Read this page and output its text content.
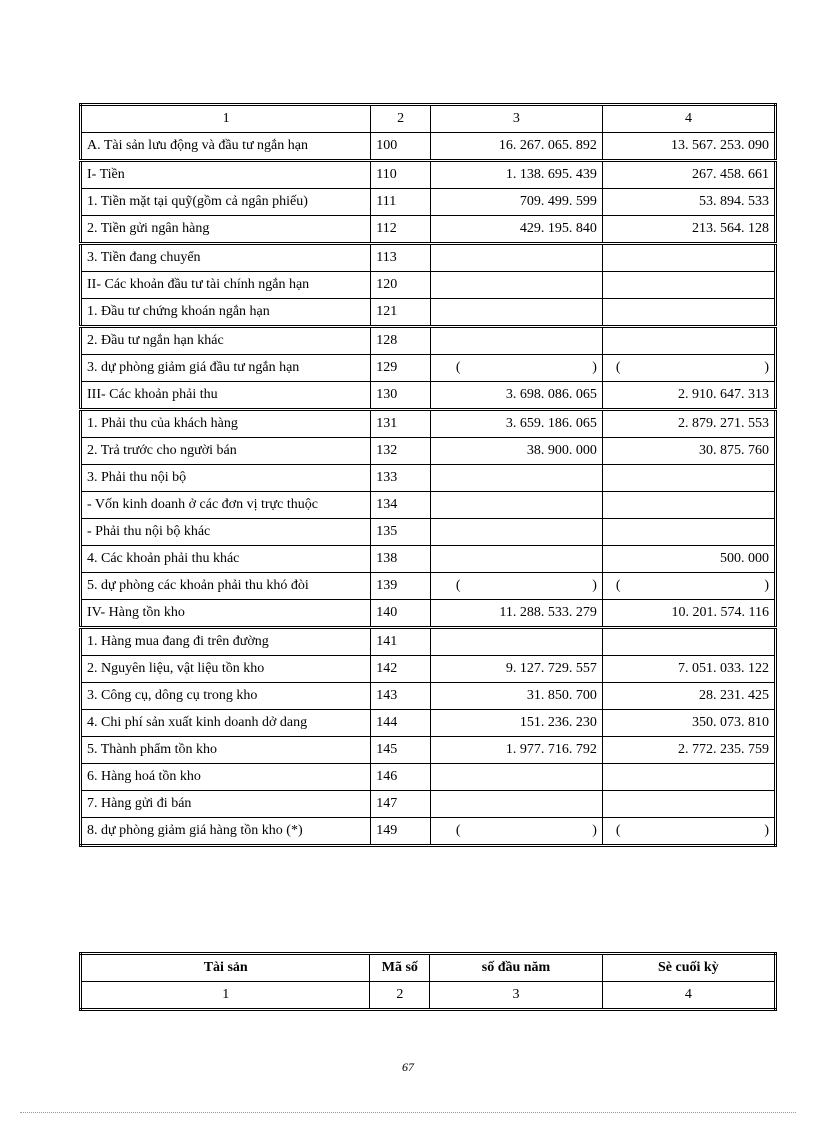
1	2	3	4
A. Tài sản lưu động và đầu tư ngắn hạn	100	16. 267. 065. 892	13. 567. 253. 090
I- Tiền	110	1. 138. 695. 439	267. 458. 661
1. Tiền mặt tại quỹ(gồm cả ngân phiếu)	111	709. 499. 599	53. 894. 533
2. Tiền gửi ngân hàng	112	429. 195. 840	213. 564. 128
3. Tiền đang chuyển	113		
II- Các khoản đầu tư tài chính ngắn hạn	120		
1. Đầu tư chứng khoán ngắn hạn	121		
2. Đầu tư ngắn hạn khác	128		
3. dự phòng giảm giá đầu tư ngắn hạn	129	( )	( )

III- Các khoản phải thu	130	3. 698. 086. 065	2. 910. 647. 313
1. Phải thu của khách hàng	131	3. 659. 186. 065	2. 879. 271. 553
2. Trả trước cho người bán	132	38. 900. 000	30. 875. 760
3. Phải thu nội bộ	133		
- Vốn kinh doanh ở các đơn vị trực thuộc	134		
- Phải thu nội bộ khác	135		
4. Các khoản phải thu khác	138		500. 000
5. dự phòng các khoản phải thu khó đòi	139	( )	( )

IV- Hàng tồn kho	140	11. 288. 533. 279	10. 201. 574. 116
1. Hàng mua đang đi trên đường	141		
2. Nguyên liệu, vật liệu tồn kho	142	9. 127. 729. 557	7. 051. 033. 122
3. Công cụ, dông cụ trong kho	143	31. 850. 700	28. 231. 425
4. Chi phí sản xuất kinh doanh dở dang	144	151. 236. 230	350. 073. 810
5. Thành phẩm tồn kho	145	1. 977. 716. 792	2. 772. 235. 759
6. Hàng hoá tồn kho	146		
7. Hàng gửi đi bán	147		
8. dự phòng giảm giá hàng tồn kho (*)	149	( )	( )
Tài sản	Mã số	số đầu năm	Sè cuối kỳ
1	2	3	4
67
